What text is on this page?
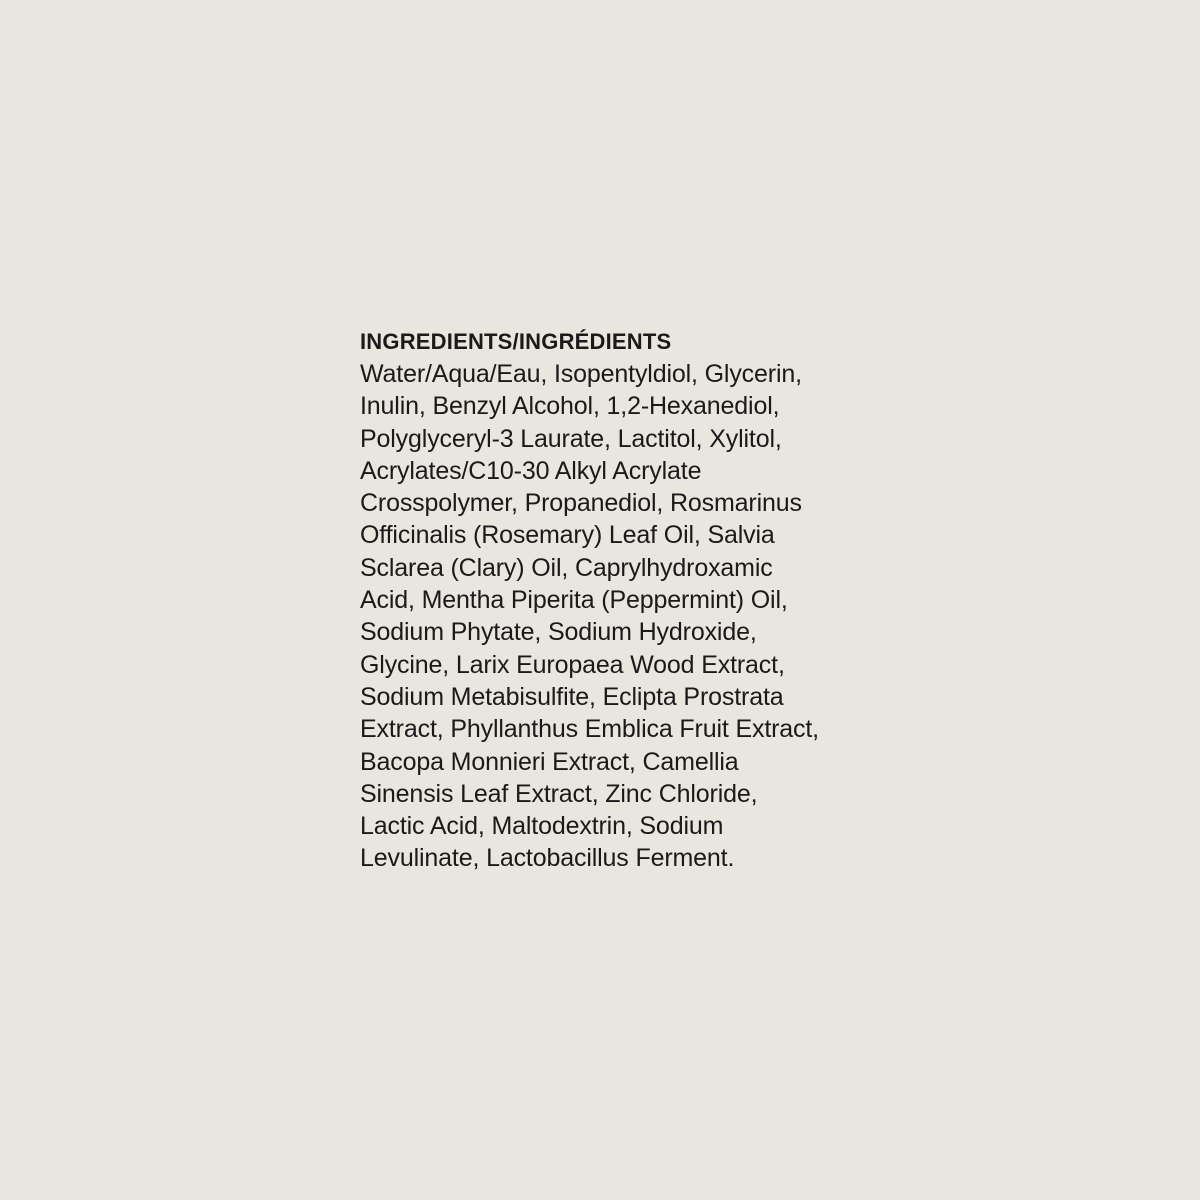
INGREDIENTS/INGRÉDIENTS
Water/Aqua/Eau, Isopentyldiol, Glycerin,
Inulin, Benzyl Alcohol, 1,2-Hexanediol,
Polyglyceryl-3 Laurate, Lactitol, Xylitol,
Acrylates/C10-30 Alkyl Acrylate
Crosspolymer, Propanediol, Rosmarinus
Officinalis (Rosemary) Leaf Oil, Salvia
Sclarea (Clary) Oil, Caprylhydroxamic
Acid, Mentha Piperita (Peppermint) Oil,
Sodium Phytate, Sodium Hydroxide,
Glycine, Larix Europaea Wood Extract,
Sodium Metabisulfite, Eclipta Prostrata
Extract, Phyllanthus Emblica Fruit Extract,
Bacopa Monnieri Extract, Camellia
Sinensis Leaf Extract, Zinc Chloride,
Lactic Acid, Maltodextrin, Sodium
Levulinate, Lactobacillus Ferment.
